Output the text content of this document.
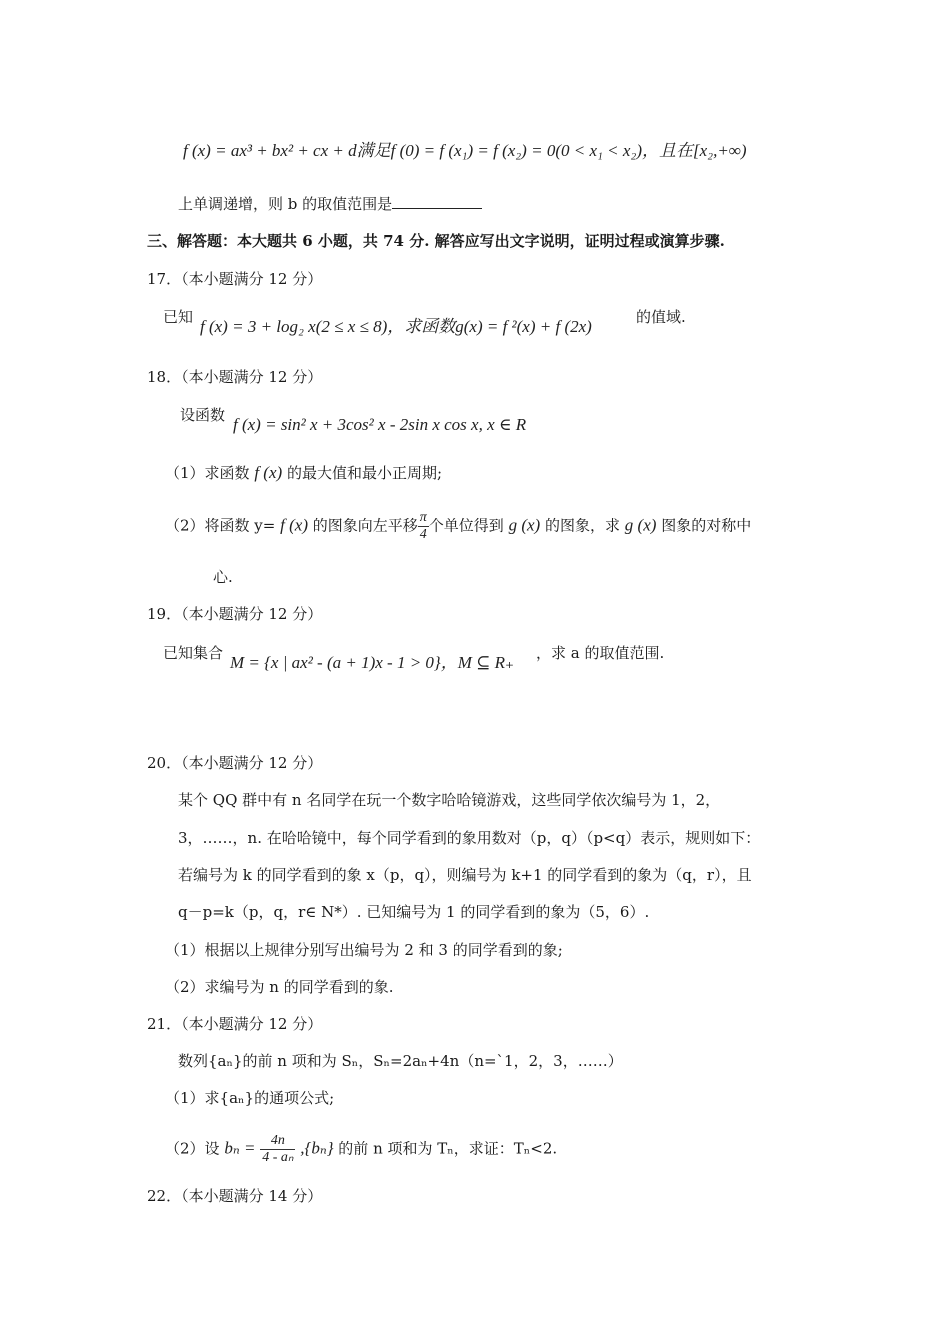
f (x) = ax³ + bx² + cx + d满足f (0) = f (x₁) = f (x₂) = 0(0 < x₁ < x₂)，且在[x₂,+∞)
上单调递增，则 b 的取值范围是
三、解答题：本大题共 6 小题，共 74 分. 解答应写出文字说明，证明过程或演算步骤.
17．（本小题满分 12 分）
已知 f (x) = 3 + log₂ x(2 ≤ x ≤ 8)，求函数g(x) = f ²(x) + f (2x)	的值域.
18．（本小题满分 12 分）
设函数 f (x) = sin² x + 3cos² x - 2sin x cos x, x ∈ R
（1）求函数 f (x) 的最大值和最小正周期;
（2）将函数 y= f (x) 的图象向左平移 $\frac{\pi}{4}$ 个单位得到 g (x) 的图象，求 g (x) 图象的对称中
心.
19．（本小题满分 12 分）
已知集合 M = {x | ax² - (a + 1)x - 1 > 0}，M ⊆ R₊ ，求 a 的取值范围.
20．（本小题满分 12 分）
某个 QQ 群中有 n 名同学在玩一个数字哈哈镜游戏，这些同学依次编号为 1，2，
3，……，n. 在哈哈镜中，每个同学看到的象用数对（p，q）（p<q）表示，规则如下：
若编号为 k 的同学看到的象 x（p，q），则编号为 k+1 的同学看到的象为（q，r），且
q－p=k（p，q，r∈ N*）. 已知编号为 1 的同学看到的象为（5，6）.
（1）根据以上规律分别写出编号为 2 和 3 的同学看到的象;
（2）求编号为 n 的同学看到的象.
21．（本小题满分 12 分）
数列{aₙ}的前 n 项和为 Sₙ，Sₙ=2aₙ+4n（n=`1，2，3，……）
（1）求{aₙ}的通项公式;
（2）设 $b_n = \frac{4n}{\text{4 - aₙ}} ,\{b_n\}$ 的前 n 项和为 Tₙ，求证：Tₙ<2.
22．（本小题满分 14 分）
